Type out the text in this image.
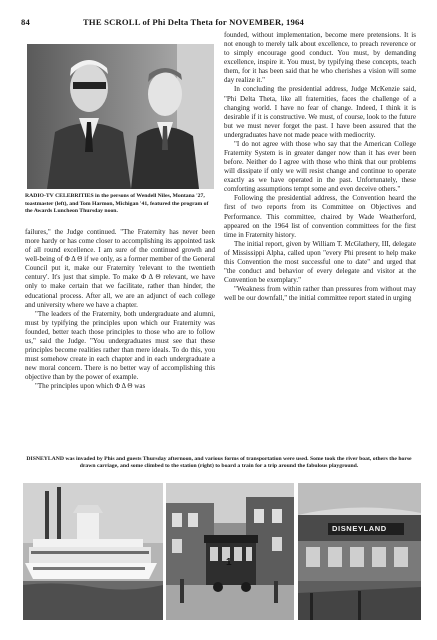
84	THE SCROLL of Phi Delta Theta for NOVEMBER, 1964
RADIO-TV CELEBRITIES in the persons of Wendell Niles, Montana '27, toastmaster (left), and Tom Harmon, Michigan '41, featured the program of the Awards Luncheon Thursday noon.

failures," the Judge continued. "The Fraternity has never been more hardy or has come closer to accomplishing its appointed task of all round excellence. I am sure of the continued growth and well-being of Φ Δ Θ if we only, as a former member of the General Council put it, make our Fraternity 'relevant to the twentieth century'. It's just that simple. To make Φ Δ Θ relevant, we have only to make certain that we facilitate, rather than hinder, the educational process. After all, we are an adjunct of each college and university where we have a chapter.

"The leaders of the Fraternity, both undergraduate and alumni, must by typifying the principles upon which our Fraternity was founded, better teach those principles to those who are to follow us," said the Judge. "You undergraduates must see that these principles become realities rather than mere ideals. To do this, you must somehow create in each chapter and in each undergraduate a new moral concern. There is no better way of accomplishing this objective than by the power of example.

"The principles upon which Φ Δ Θ was

founded, without implementation, become mere pretensions. It is not enough to merely talk about excellence, to preach reverence or to simply encourage good conduct. You must, by demanding excellence, inspire it. You must, by typifying these concepts, teach them, for it has been said that he who cherishes a vision will some day realize it."

In concluding the presidential address, Judge McKenzie said, "Phi Delta Theta, like all fraternities, faces the challenge of a changing world. I have no fear of change. Indeed, I think it is desirable if it is constructive. We must, of course, look to the future but we must never forget the past. I have been assured that the undergraduates have not made peace with mediocrity.

"I do not agree with those who say that the American College Fraternity System is in greater danger now than it has ever been before. Neither do I agree with those who think that our problems will dissipate if only we will resist change and continue to operate exactly as we have operated in the past. Unfortunately, these comforting assumptions tempt some and even deceive others."

Following the presidential address, the Convention heard the first of two reports from its Committee on Objectives and Performance. This committee, chaired by Wade Weatherford, appeared on the 1964 list of convention committees for the first time in Fraternity history.

The initial report, given by William T. McGlathery, III, delegate of Mississippi Alpha, called upon "every Phi present to help make this Convention the most successful one to date" and urged that "the conduct and behavior of every delegate and visitor at the Convention be exemplary."

"Weakness from within rather than pressures from without may well be our downfall," the initial committee report stated in urging

DISNEYLAND was invaded by Phis and guests Thursday afternoon, and various forms of transportation were used. Some took the river boat, others the horse drawn carriage, and some climbed to the station (right) to board a train for a trip around the fabulous playground.
1
DISNEYLAND
